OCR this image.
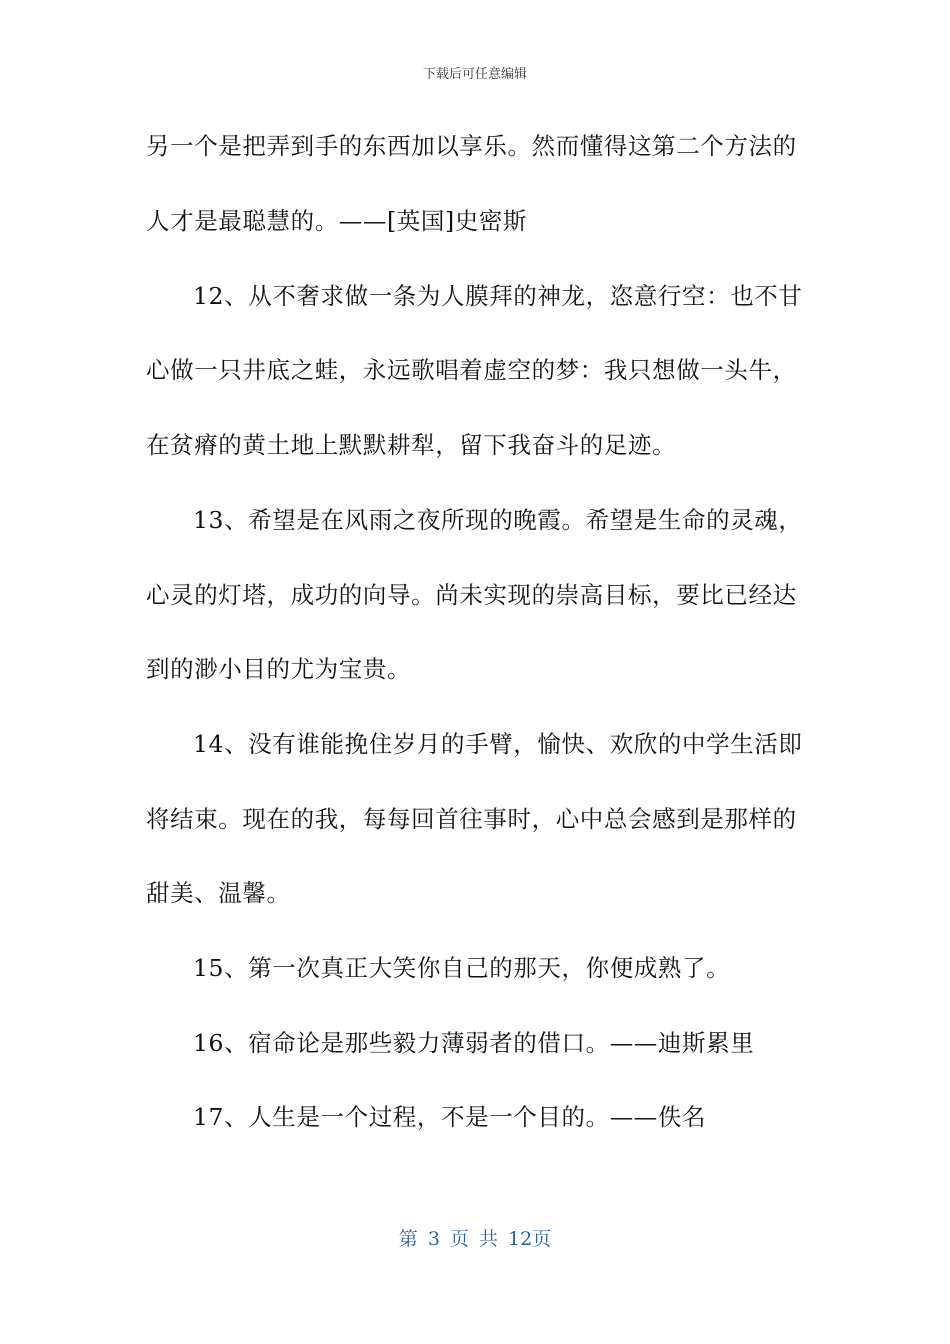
下载后可任意编辑
另一个是把弄到手的东西加以享乐。然而懂得这第二个方法的
人才是最聪慧的。——[英国]史密斯
12、从不奢求做一条为人膜拜的神龙，恣意行空：也不甘
心做一只井底之蛙，永远歌唱着虚空的梦：我只想做一头牛，
在贫瘠的黄土地上默默耕犁，留下我奋斗的足迹。
13、希望是在风雨之夜所现的晚霞。希望是生命的灵魂，
心灵的灯塔，成功的向导。尚未实现的崇高目标，要比已经达
到的渺小目的尤为宝贵。
14、没有谁能挽住岁月的手臂，愉快、欢欣的中学生活即
将结束。现在的我，每每回首往事时，心中总会感到是那样的
甜美、温馨。
15、第一次真正大笑你自己的那天，你便成熟了。
16、宿命论是那些毅力薄弱者的借口。——迪斯累里
17、人生是一个过程，不是一个目的。——佚名
第 3 页 共 12页
